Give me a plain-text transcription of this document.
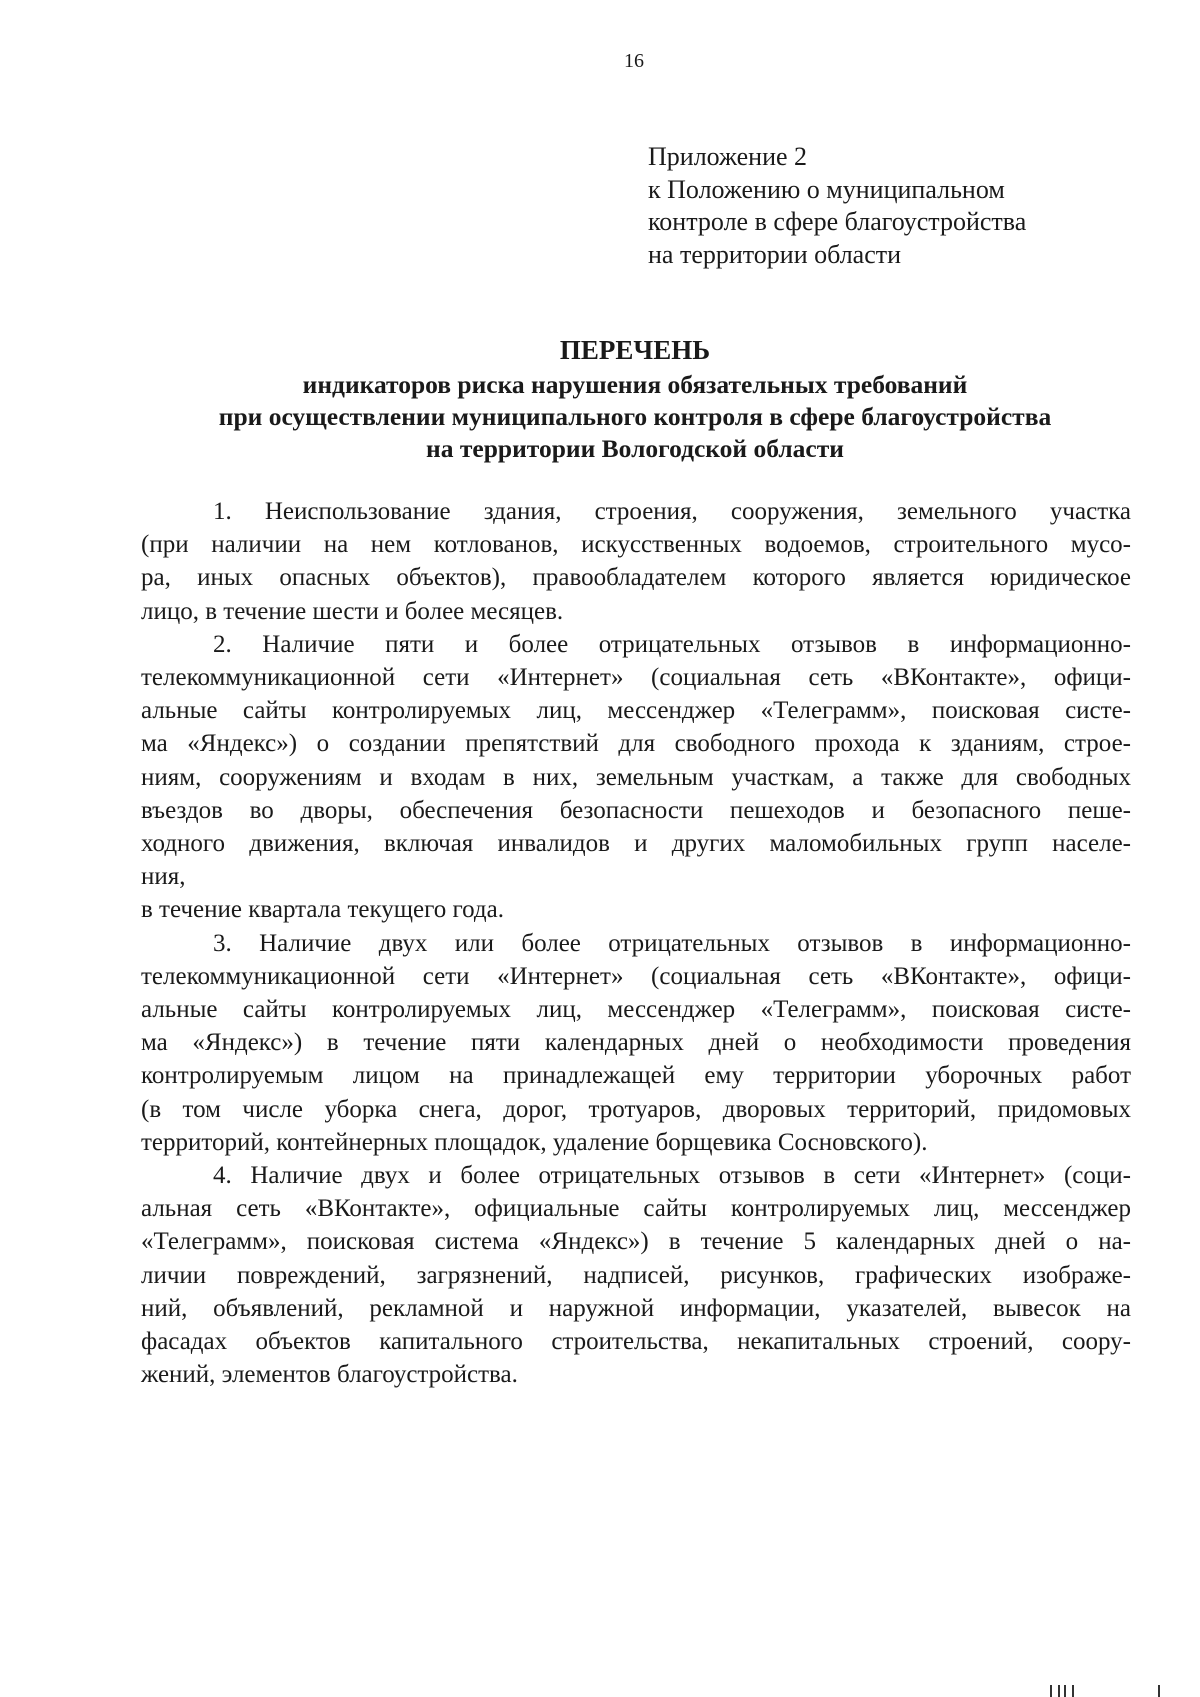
16
Приложение 2
к Положению о муниципальном
контроле в сфере благоустройства
на территории области
ПЕРЕЧЕНЬ
индикаторов риска нарушения обязательных требований
при осуществлении муниципального контроля в сфере благоустройства
на территории Вологодской области
1. Неиспользование здания, строения, сооружения, земельного участка
(при наличии на нем котлованов, искусственных водоемов, строительного мусо-
ра, иных опасных объектов), правообладателем которого является юридическое
лицо, в течение шести и более месяцев.
2. Наличие пяти и более отрицательных отзывов в информационно-
телекоммуникационной сети «Интернет» (социальная сеть «ВКонтакте», офици-
альные сайты контролируемых лиц, мессенджер «Телеграмм», поисковая систе-
ма «Яндекс») о создании препятствий для свободного прохода к зданиям, строе-
ниям, сооружениям и входам в них, земельным участкам, а также для свободных
въездов во дворы, обеспечения безопасности пешеходов и безопасного пеше-
ходного движения, включая инвалидов и других маломобильных групп населе-
ния,
в течение квартала текущего года.
3. Наличие двух или более отрицательных отзывов в информационно-
телекоммуникационной сети «Интернет» (социальная сеть «ВКонтакте», офици-
альные сайты контролируемых лиц, мессенджер «Телеграмм», поисковая систе-
ма «Яндекс») в течение пяти календарных дней о необходимости проведения
контролируемым лицом на принадлежащей ему территории уборочных работ
(в том числе уборка снега, дорог, тротуаров, дворовых территорий, придомовых
территорий, контейнерных площадок, удаление борщевика Сосновского).
4. Наличие двух и более отрицательных отзывов в сети «Интернет» (соци-
альная сеть «ВКонтакте», официальные сайты контролируемых лиц, мессенджер
«Телеграмм», поисковая система «Яндекс») в течение 5 календарных дней о на-
личии повреждений, загрязнений, надписей, рисунков, графических изображе-
ний, объявлений, рекламной и наружной информации, указателей, вывесок на
фасадах объектов капитального строительства, некапитальных строений, соору-
жений, элементов благоустройства.
